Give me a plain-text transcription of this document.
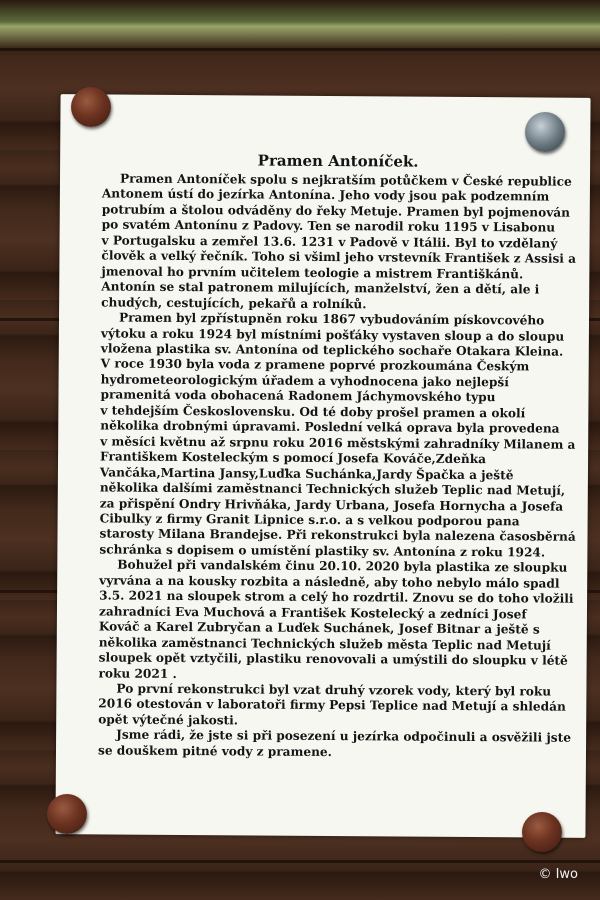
Pramen Antoníček.
Pramen Antoníček spolu s nejkratším potůčkem v České republice
Antonem ústí do jezírka Antonína. Jeho vody jsou pak podzemním
potrubím a štolou odváděny do řeky Metuje. Pramen byl pojmenován
po svatém Antonínu z Padovy. Ten se narodil roku 1195 v Lisabonu
v Portugalsku a zemřel 13.6. 1231 v Padově v Itálii. Byl to vzdělaný
člověk a velký řečník. Toho si všiml jeho vrstevník František z Assisi a
jmenoval ho prvním učitelem teologie a mistrem Františkánů.
Antonín se stal patronem milujících, manželství, žen a dětí, ale i
chudých, cestujících, pekařů a rolníků.
Pramen byl zpřístupněn roku 1867 vybudováním pískovcového
výtoku a roku 1924 byl místními pošťáky vystaven sloup a do sloupu
vložena plastika sv. Antonína od teplického sochaře Otakara Kleina.
V roce 1930 byla voda z pramene poprvé prozkoumána Českým
hydrometeorologickým úřadem a vyhodnocena jako nejlepší
pramenitá voda obohacená Radonem Jáchymovského typu
v tehdejším Československu. Od té doby prošel pramen a okolí
několika drobnými úpravami. Poslední velká oprava byla provedena
v měsíci květnu až srpnu roku 2016 městskými zahradníky Milanem a
Františkem Kosteleckým s pomocí Josefa Kováče,Zdeňka
Vančáka,Martina Jansy,Luďka Suchánka,Jardy Špačka a ještě
několika dalšími zaměstnanci Technických služeb Teplic nad Metují,
za přispění Ondry Hrivňáka, Jardy Urbana, Josefa Hornycha a Josefa
Cibulky z firmy Granit Lipnice s.r.o. a s velkou podporou pana
starosty Milana Brandejse. Při rekonstrukci byla nalezena časosběrná
schránka s dopisem o umístění plastiky sv. Antonína z roku 1924.
Bohužel při vandalském činu 20.10. 2020 byla plastika ze sloupku
vyrvána a na kousky rozbita a následně, aby toho nebylo málo spadl
3.5. 2021 na sloupek strom a celý ho rozdrtil. Znovu se do toho vložili
zahradníci Eva Muchová a František Kostelecký a zedníci Josef
Kováč a Karel Zubryčan a Luďek Suchánek, Josef Bitnar a ještě s
několika zaměstnanci Technických služeb města Teplic nad Metují
sloupek opět vztyčili, plastiku renovovali a umýstili do sloupku v létě
roku 2021 .
Po první rekonstrukci byl vzat druhý vzorek vody, který byl roku
2016 otestován v laboratoři firmy Pepsi Teplice nad Metují a shledán
opět výtečné jakosti.
Jsme rádi, že jste si při posezení u jezírka odpočinuli a osvěžili jste
se douškem pitné vody z pramene.
© Iwo
